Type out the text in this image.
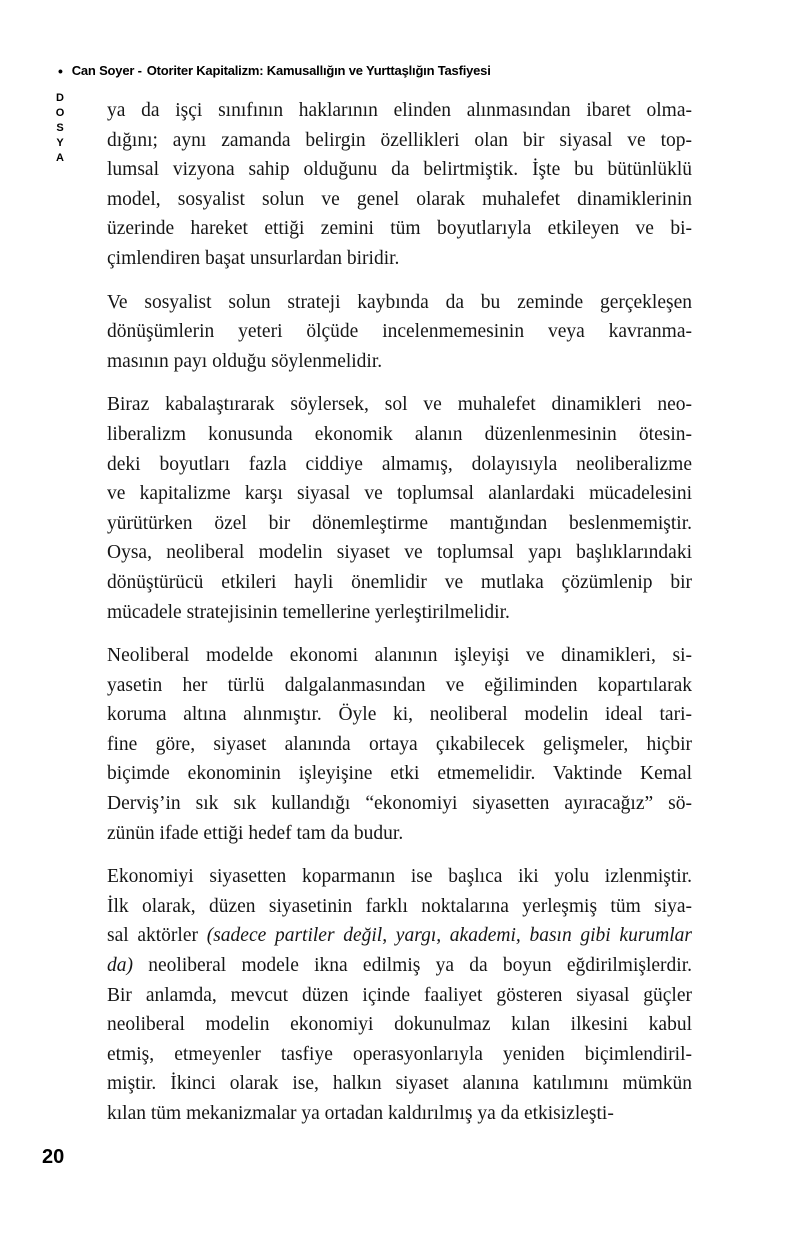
• Can Soyer - Otoriter Kapitalizm: Kamusallığın ve Yurttaşlığın Tasfiyesi
DOSYA ya da işçi sınıfının haklarının elinden alınmasından ibaret olma-
dığını; aynı zamanda belirgin özellikleri olan bir siyasal ve top-
lumsal vizyona sahip olduğunu da belirtmiştik. İşte bu bütünlüklü
model, sosyalist solun ve genel olarak muhalefet dinamiklerinin
üzerinde hareket ettiği zemini tüm boyutlarıyla etkileyen ve bi-
çimlendiren başat unsurlardan biridir.
Ve sosyalist solun strateji kaybında da bu zeminde gerçekleşen
dönüşümlerin yeteri ölçüde incelenmemesinin veya kavranma-
masının payı olduğu söylenmelidir.
Biraz kabalaştırarak söylersek, sol ve muhalefet dinamikleri neo-
liberalizm konusunda ekonomik alanın düzenlenmesinin ötesin-
deki boyutları fazla ciddiye almamış, dolayısıyla neoliberalizme
ve kapitalizme karşı siyasal ve toplumsal alanlardaki mücadelesini
yürütürken özel bir dönemleştirme mantığından beslenmemiştir.
Oysa, neoliberal modelin siyaset ve toplumsal yapı başlıklarındaki
dönüştürücü etkileri hayli önemlidir ve mutlaka çözümlenip bir
mücadele stratejisinin temellerine yerleştirilmelidir.
Neoliberal modelde ekonomi alanının işleyişi ve dinamikleri, si-
yasetin her türlü dalgalanmasından ve eğiliminden kopartılarak
koruma altına alınmıştır. Öyle ki, neoliberal modelin ideal tari-
fine göre, siyaset alanında ortaya çıkabilecek gelişmeler, hiçbir
biçimde ekonominin işleyişine etki etmemelidir. Vaktinde Kemal
Derviş’in sık sık kullandığı “ekonomiyi siyasetten ayıracağız” sö-
zünün ifade ettiği hedef tam da budur.
Ekonomiyi siyasetten koparmanın ise başlıca iki yolu izlenmiştir.
İlk olarak, düzen siyasetinin farklı noktalarına yerleşmiş tüm siya-
sal aktörler (sadece partiler değil, yargı, akademi, basın gibi kurumlar
da) neoliberal modele ikna edilmiş ya da boyun eğdirilmişlerdir.
Bir anlamda, mevcut düzen içinde faaliyet gösteren siyasal güçler
neoliberal modelin ekonomiyi dokunulmaz kılan ilkesini kabul
etmiş, etmeyenler tasfiye operasyonlarıyla yeniden biçimlendiril-
miştir. İkinci olarak ise, halkın siyaset alanına katılımını mümkün
kılan tüm mekanizmalar ya ortadan kaldırılmış ya da etkisizleşti-
20
